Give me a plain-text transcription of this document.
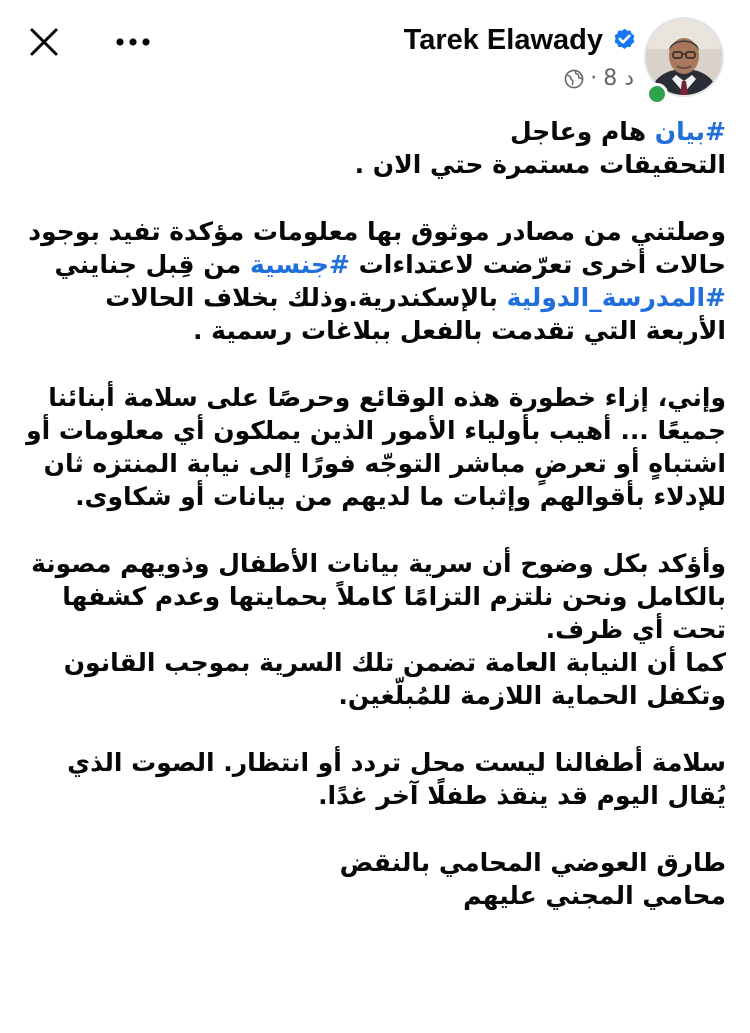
Tarek Elawady
· 8 د

#بيان هام وعاجل
التحقيقات مستمرة حتي الان .

وصلتني من مصادر موثوق بها معلومات مؤكدة تفيد بوجود حالات أخرى تعرّضت لاعتداءات #جنسية من قِبل جنايني #المدرسة_الدولية بالإسكندرية.وذلك بخلاف الحالات الأربعة التي تقدمت بالفعل ببلاغات رسمية .

وإني، إزاء خطورة هذه الوقائع وحرصًا على سلامة أبنائنا جميعًا ... أهيب بأولياء الأمور الذين يملكون أي معلومات أو اشتباهٍ أو تعرضٍ مباشر التوجّه فورًا إلى نيابة المنتزه ثان للإدلاء بأقوالهم وإثبات ما لديهم من بيانات أو شكاوى.

وأؤكد بكل وضوح أن سرية بيانات الأطفال وذويهم مصونة بالكامل ونحن نلتزم التزامًا كاملاً بحمايتها وعدم كشفها تحت أي ظرف.
كما أن النيابة العامة تضمن تلك السرية بموجب القانون وتكفل الحماية اللازمة للمُبلّغين.

سلامة أطفالنا ليست محل تردد أو انتظار. الصوت الذي يُقال اليوم قد ينقذ طفلًا آخر غدًا.

طارق العوضي المحامي بالنقض
محامي المجني عليهم
